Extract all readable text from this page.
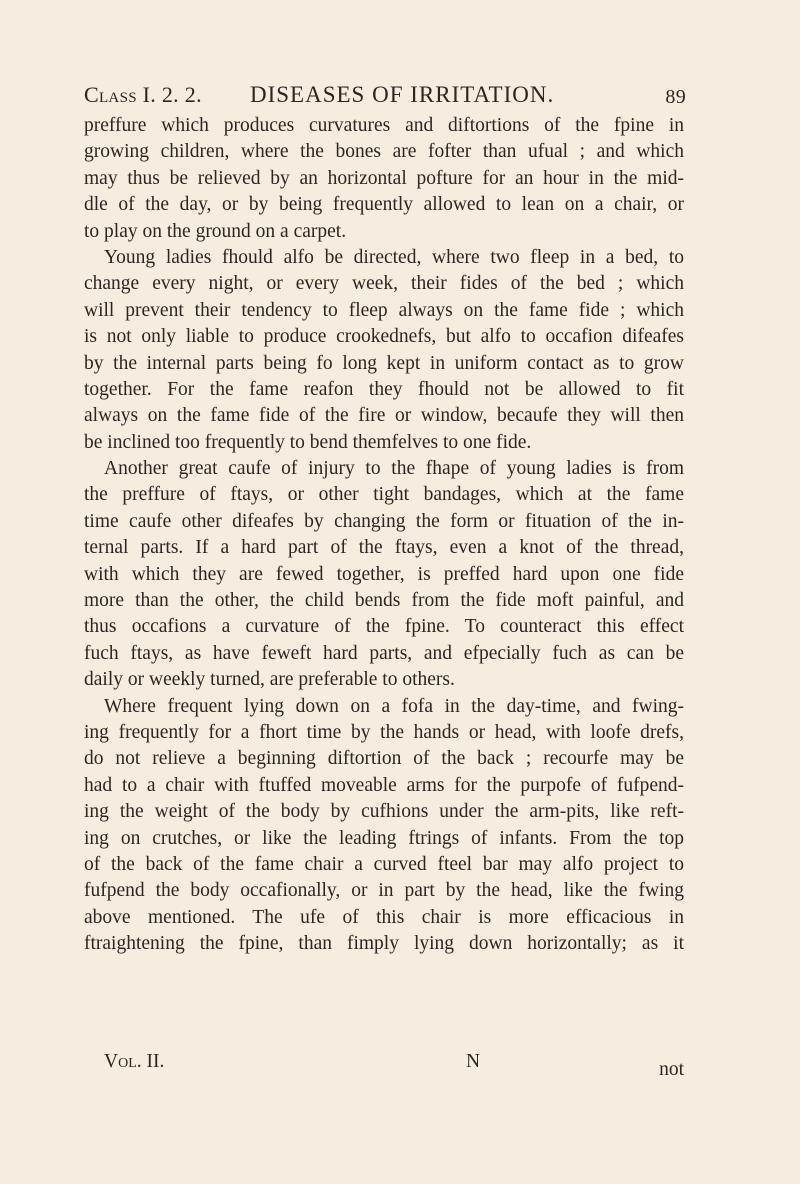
Class I. 2. 2. DISEASES OF IRRITATION.	89
preffure which produces curvatures and diftortions of the fpine in
growing children, where the bones are fofter than ufual ; and which
may thus be relieved by an horizontal pofture for an hour in the mid-
dle of the day, or by being frequently allowed to lean on a chair, or
to play on the ground on a carpet.
Young ladies fhould alfo be directed, where two fleep in a bed, to
change every night, or every week, their fides of the bed ; which
will prevent their tendency to fleep always on the fame fide ; which
is not only liable to produce crookednefs, but alfo to occafion difeafes
by the internal parts being fo long kept in uniform contact as to grow
together. For the fame reafon they fhould not be allowed to fit
always on the fame fide of the fire or window, becaufe they will then
be inclined too frequently to bend themfelves to one fide.
Another great caufe of injury to the fhape of young ladies is from
the preffure of ftays, or other tight bandages, which at the fame
time caufe other difeafes by changing the form or fituation of the in-
ternal parts. If a hard part of the ftays, even a knot of the thread,
with which they are fewed together, is preffed hard upon one fide
more than the other, the child bends from the fide moft painful, and
thus occafions a curvature of the fpine. To counteract this effect
fuch ftays, as have feweft hard parts, and efpecially fuch as can be
daily or weekly turned, are preferable to others.
Where frequent lying down on a fofa in the day-time, and fwing-
ing frequently for a fhort time by the hands or head, with loofe drefs,
do not relieve a beginning diftortion of the back ; recourfe may be
had to a chair with ftuffed moveable arms for the purpofe of fufpend-
ing the weight of the body by cufhions under the arm-pits, like reft-
ing on crutches, or like the leading ftrings of infants. From the top
of the back of the fame chair a curved fteel bar may alfo project to
fufpend the body occafionally, or in part by the head, like the fwing
above mentioned. The ufe of this chair is more efficacious in
ftraightening the fpine, than fimply lying down horizontally; as it
Vol. II.	N	not
